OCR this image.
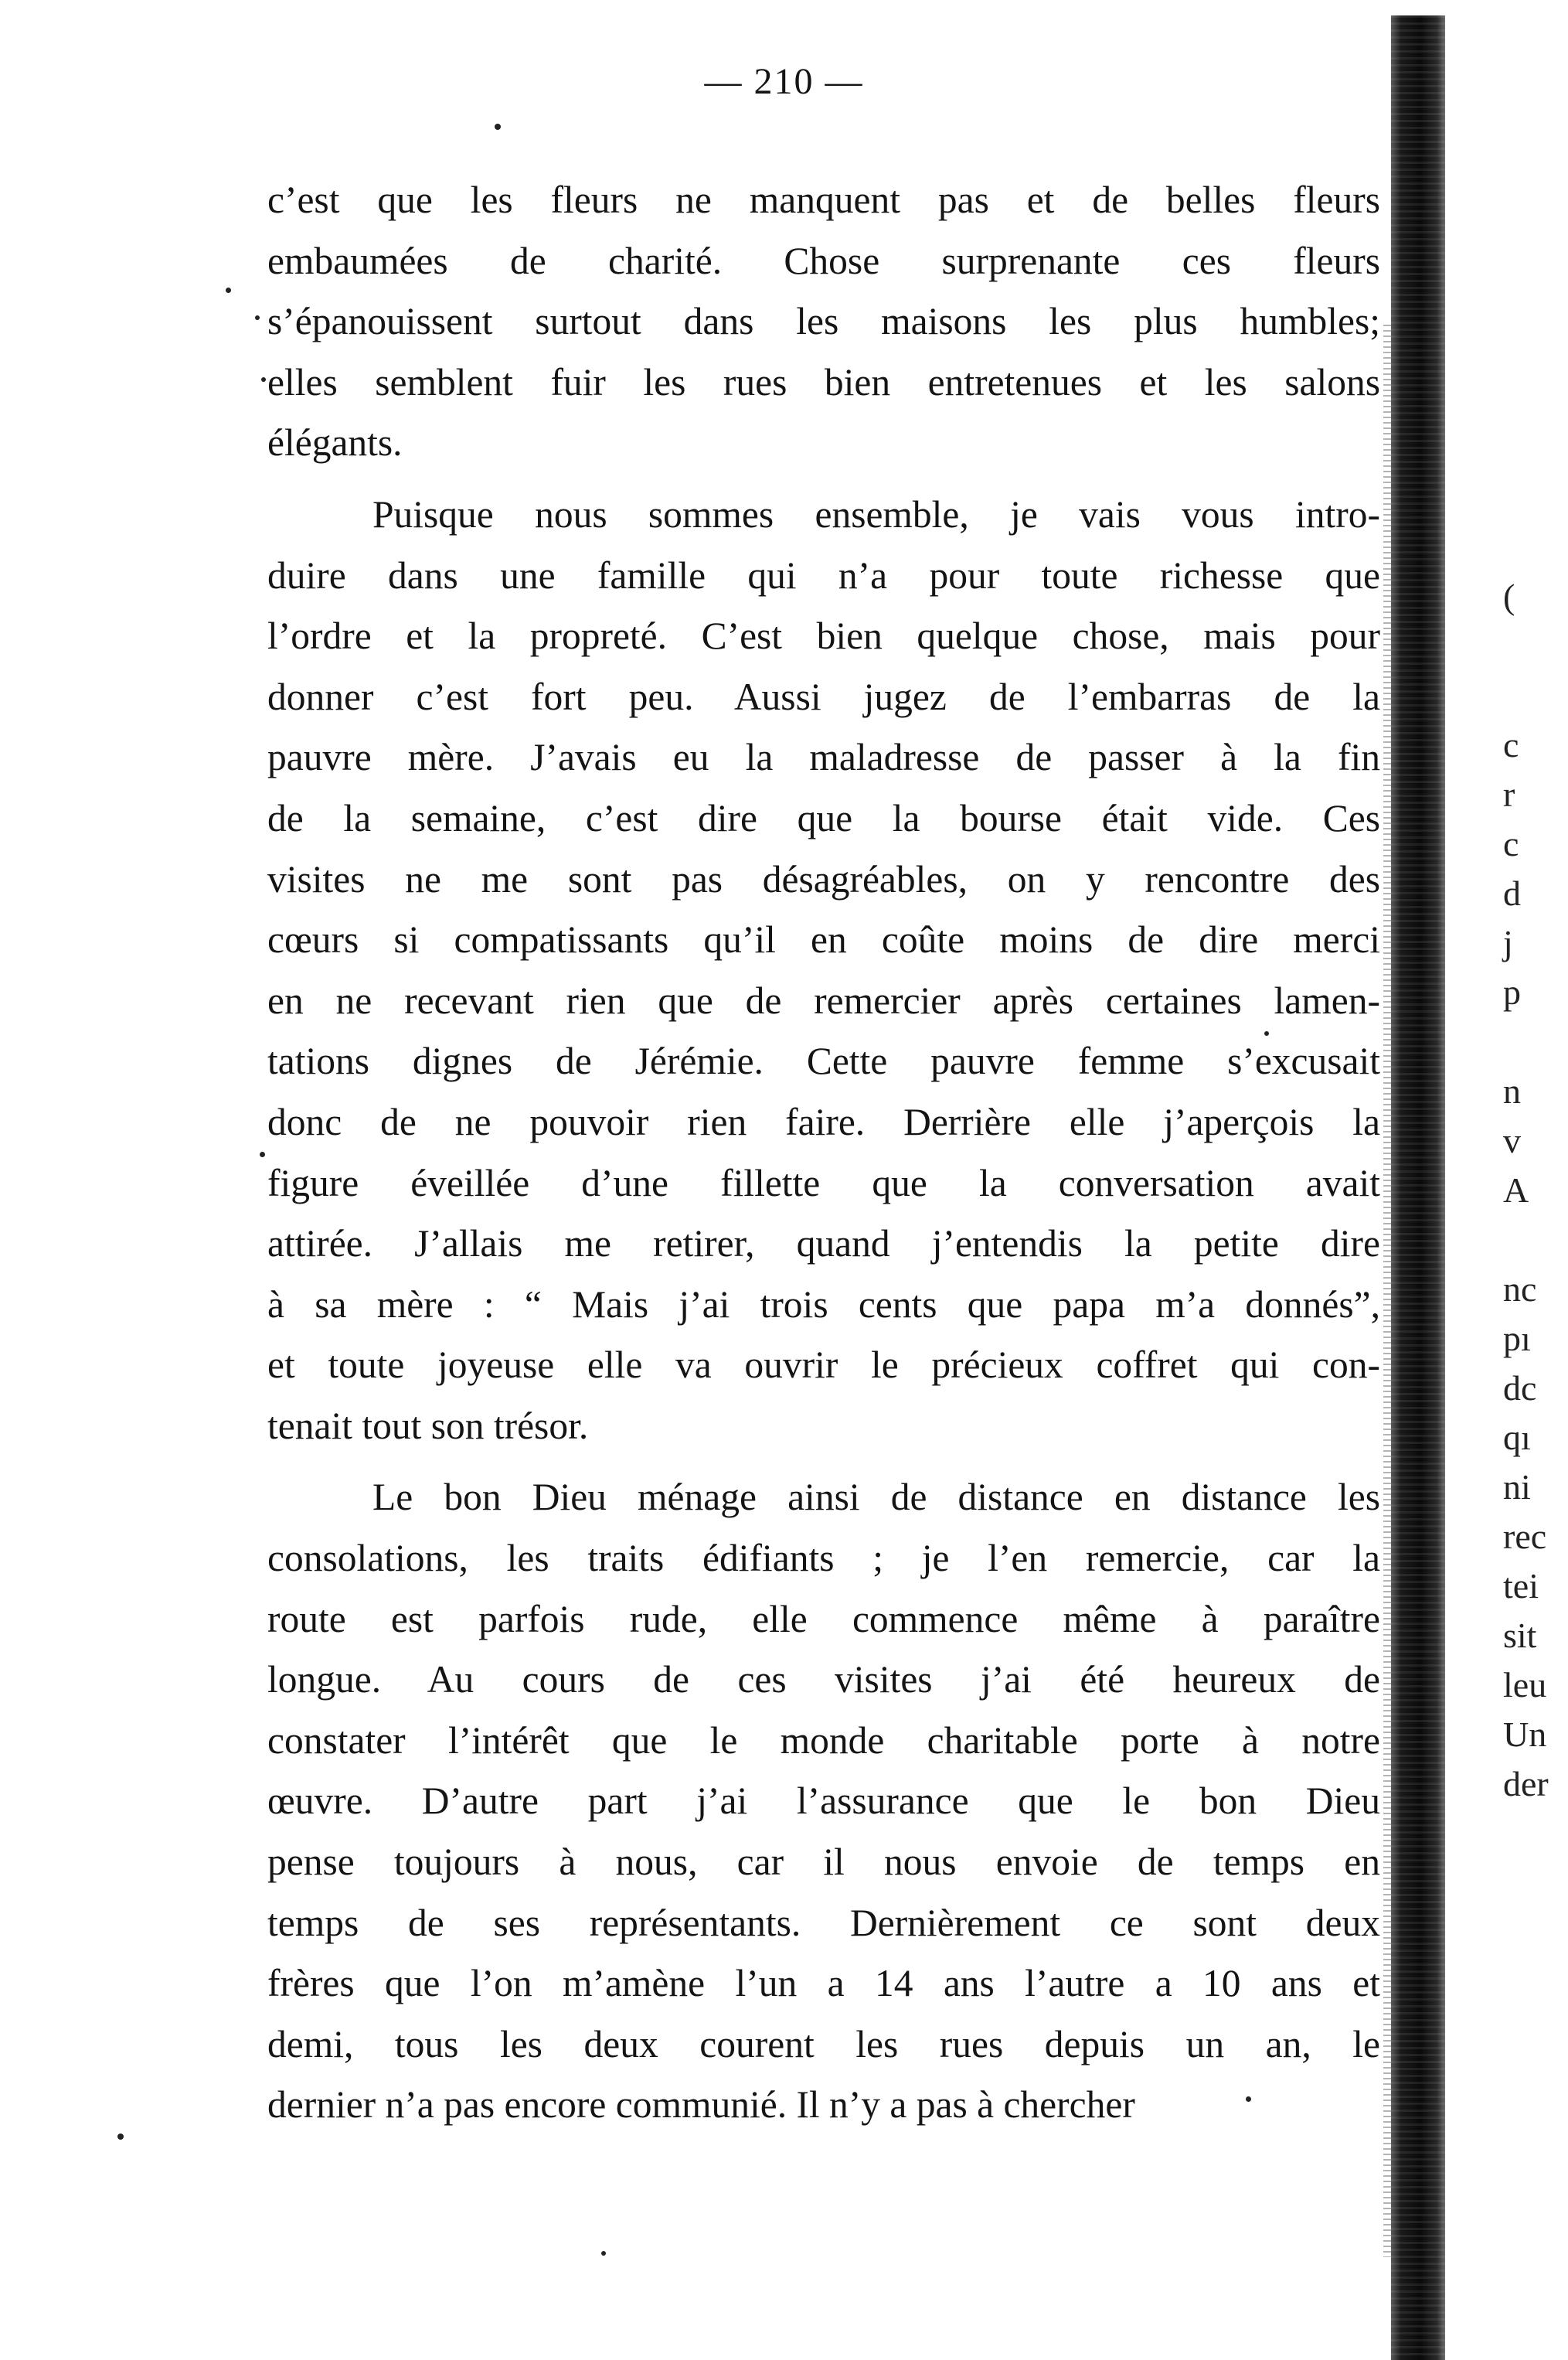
— 210 —
c’est que les fleurs ne manquent pas et de belles fleurs
embaumées de charité. Chose surprenante ces fleurs
s’épanouissent surtout dans les maisons les plus humbles;
elles semblent fuir les rues bien entretenues et les salons
élégants.
Puisque nous sommes ensemble, je vais vous intro-
duire dans une famille qui n’a pour toute richesse que
l’ordre et la propreté. C’est bien quelque chose, mais pour
donner c’est fort peu. Aussi jugez de l’embarras de la
pauvre mère. J’avais eu la maladresse de passer à la fin
de la semaine, c’est dire que la bourse était vide. Ces
visites ne me sont pas désagréables, on y rencontre des
cœurs si compatissants qu’il en coûte moins de dire merci
en ne recevant rien que de remercier après certaines lamen-
tations dignes de Jérémie. Cette pauvre femme s’excusait
donc de ne pouvoir rien faire. Derrière elle j’aperçois la
figure éveillée d’une fillette que la conversation avait
attirée. J’allais me retirer, quand j’entendis la petite dire
à sa mère : “ Mais j’ai trois cents que papa m’a donnés”,
et toute joyeuse elle va ouvrir le précieux coffret qui con-
tenait tout son trésor.
Le bon Dieu ménage ainsi de distance en distance les
consolations, les traits édifiants ; je l’en remercie, car la
route est parfois rude, elle commence même à paraître
longue. Au cours de ces visites j’ai été heureux de
constater l’intérêt que le monde charitable porte à notre
œuvre. D’autre part j’ai l’assurance que le bon Dieu
pense toujours à nous, car il nous envoie de temps en
temps de ses représentants. Dernièrement ce sont deux
frères que l’on m’amène l’un a 14 ans l’autre a 10 ans et
demi, tous les deux courent les rues depuis un an, le
dernier n’a pas encore communié. Il n’y a pas à chercher
(
c
r
c
d
j
p
n
v
A
nc
pı
dc
qı
ni
rec
tei
sit
leu
Un
der
